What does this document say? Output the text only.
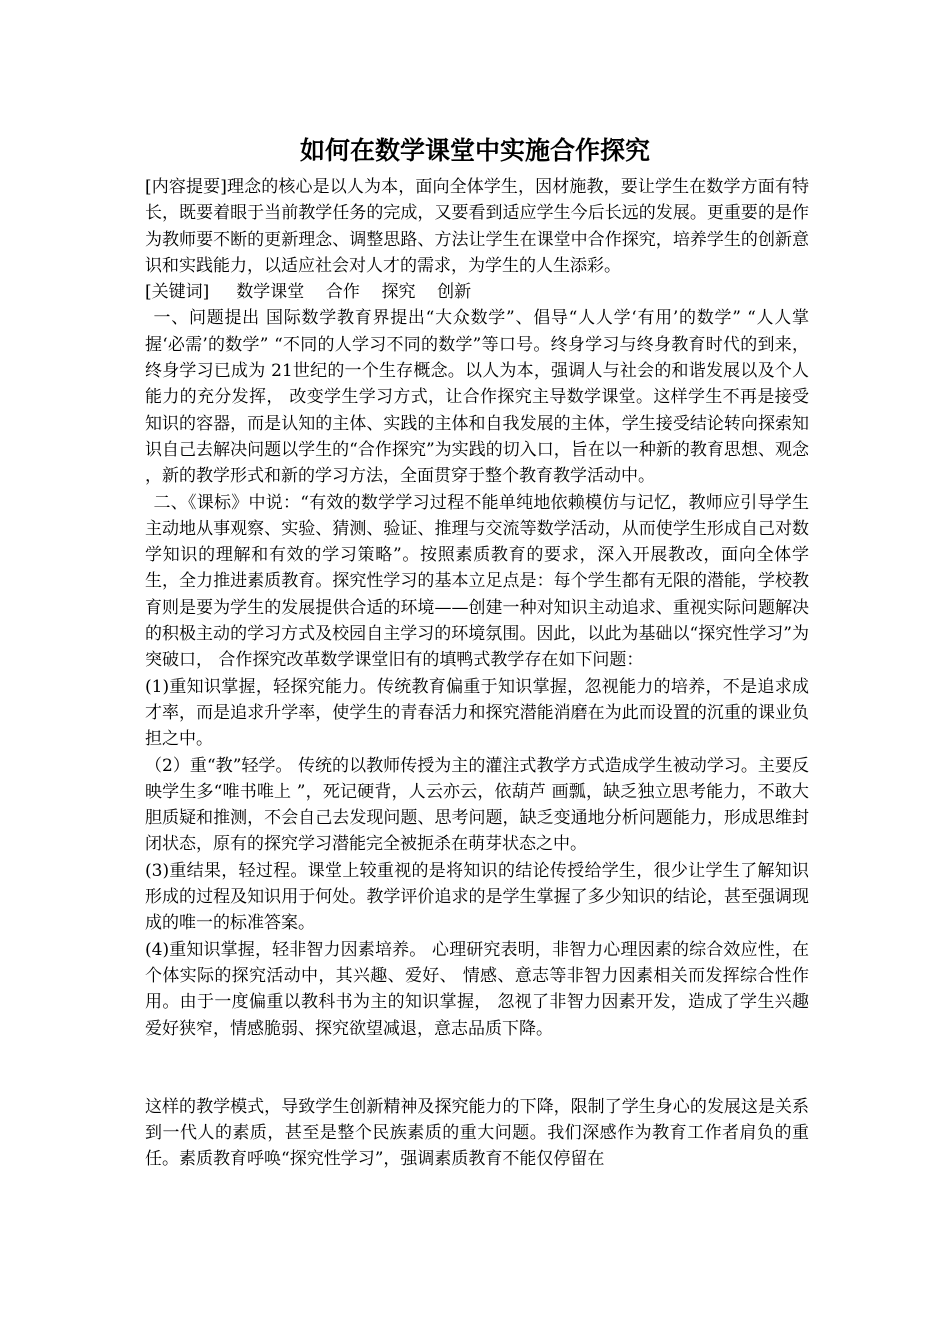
如何在数学课堂中实施合作探究

[内容提要]理念的核心是以人为本，面向全体学生，因材施教，要让学生在数学方面有特长，既要着眼于当前教学任务的完成，又要看到适应学生今后长远的发展。更重要的是作为教师要不断的更新理念、调整思路、方法让学生在课堂中合作探究，培养学生的创新意识和实践能力，以适应社会对人才的需求，为学生的人生添彩。

[关键词]     数学课堂    合作    探究    创新

一、问题提出 国际数学教育界提出“大众数学”、倡导“人人学‘有用’的数学” “人人掌握‘必需’的数学” “不同的人学习不同的数学”等口号。终身学习与终身教育时代的到来，终身学习已成为 21世纪的一个生存概念。以人为本，强调人与社会的和谐发展以及个人能力的充分发挥， 改变学生学习方式，让合作探究主导数学课堂。这样学生不再是接受知识的容器，而是认知的主体、实践的主体和自我发展的主体，学生接受结论转向探索知识自己去解决问题以学生的“合作探究”为实践的切入口，旨在以一种新的教育思想、观念 ，新的教学形式和新的学习方法，全面贯穿于整个教育教学活动中。

二、《课标》中说：“有效的数学学习过程不能单纯地依赖模仿与记忆，教师应引导学生主动地从事观察、实验、猜测、验证、推理与交流等数学活动，从而使学生形成自己对数学知识的理解和有效的学习策略”。按照素质教育的要求，深入开展教改，面向全体学生，全力推进素质教育。探究性学习的基本立足点是：每个学生都有无限的潜能，学校教育则是要为学生的发展提供合适的环境——创建一种对知识主动追求、重视实际问题解决的积极主动的学习方式及校园自主学习的环境氛围。因此，以此为基础以“探究性学习”为突破口， 合作探究改革数学课堂旧有的填鸭式教学存在如下问题：

(1)重知识掌握，轻探究能力。传统教育偏重于知识掌握，忽视能力的培养，不是追求成才率，而是追求升学率，使学生的青春活力和探究潜能消磨在为此而设置的沉重的课业负担之中。

（2）重“教”轻学。 传统的以教师传授为主的灌注式教学方式造成学生被动学习。主要反映学生多“唯书唯上 ”，死记硬背，人云亦云，依葫芦 画瓢，缺乏独立思考能力，不敢大胆质疑和推测，不会自己去发现问题、思考问题，缺乏变通地分析问题能力，形成思维封闭状态，原有的探究学习潜能完全被扼杀在萌芽状态之中。

(3)重结果，轻过程。课堂上较重视的是将知识的结论传授给学生，很少让学生了解知识形成的过程及知识用于何处。教学评价追求的是学生掌握了多少知识的结论，甚至强调现成的唯一的标准答案。

(4)重知识掌握，轻非智力因素培养。 心理研究表明，非智力心理因素的综合效应性，在个体实际的探究活动中，其兴趣、爱好、 情感、意志等非智力因素相关而发挥综合性作用。由于一度偏重以教科书为主的知识掌握， 忽视了非智力因素开发，造成了学生兴趣爱好狭窄，情感脆弱、探究欲望减退，意志品质下降。

这样的教学模式，导致学生创新精神及探究能力的下降，限制了学生身心的发展这是关系到一代人的素质，甚至是整个民族素质的重大问题。我们深感作为教育工作者肩负的重任。素质教育呼唤“探究性学习”，强调素质教育不能仅停留在
